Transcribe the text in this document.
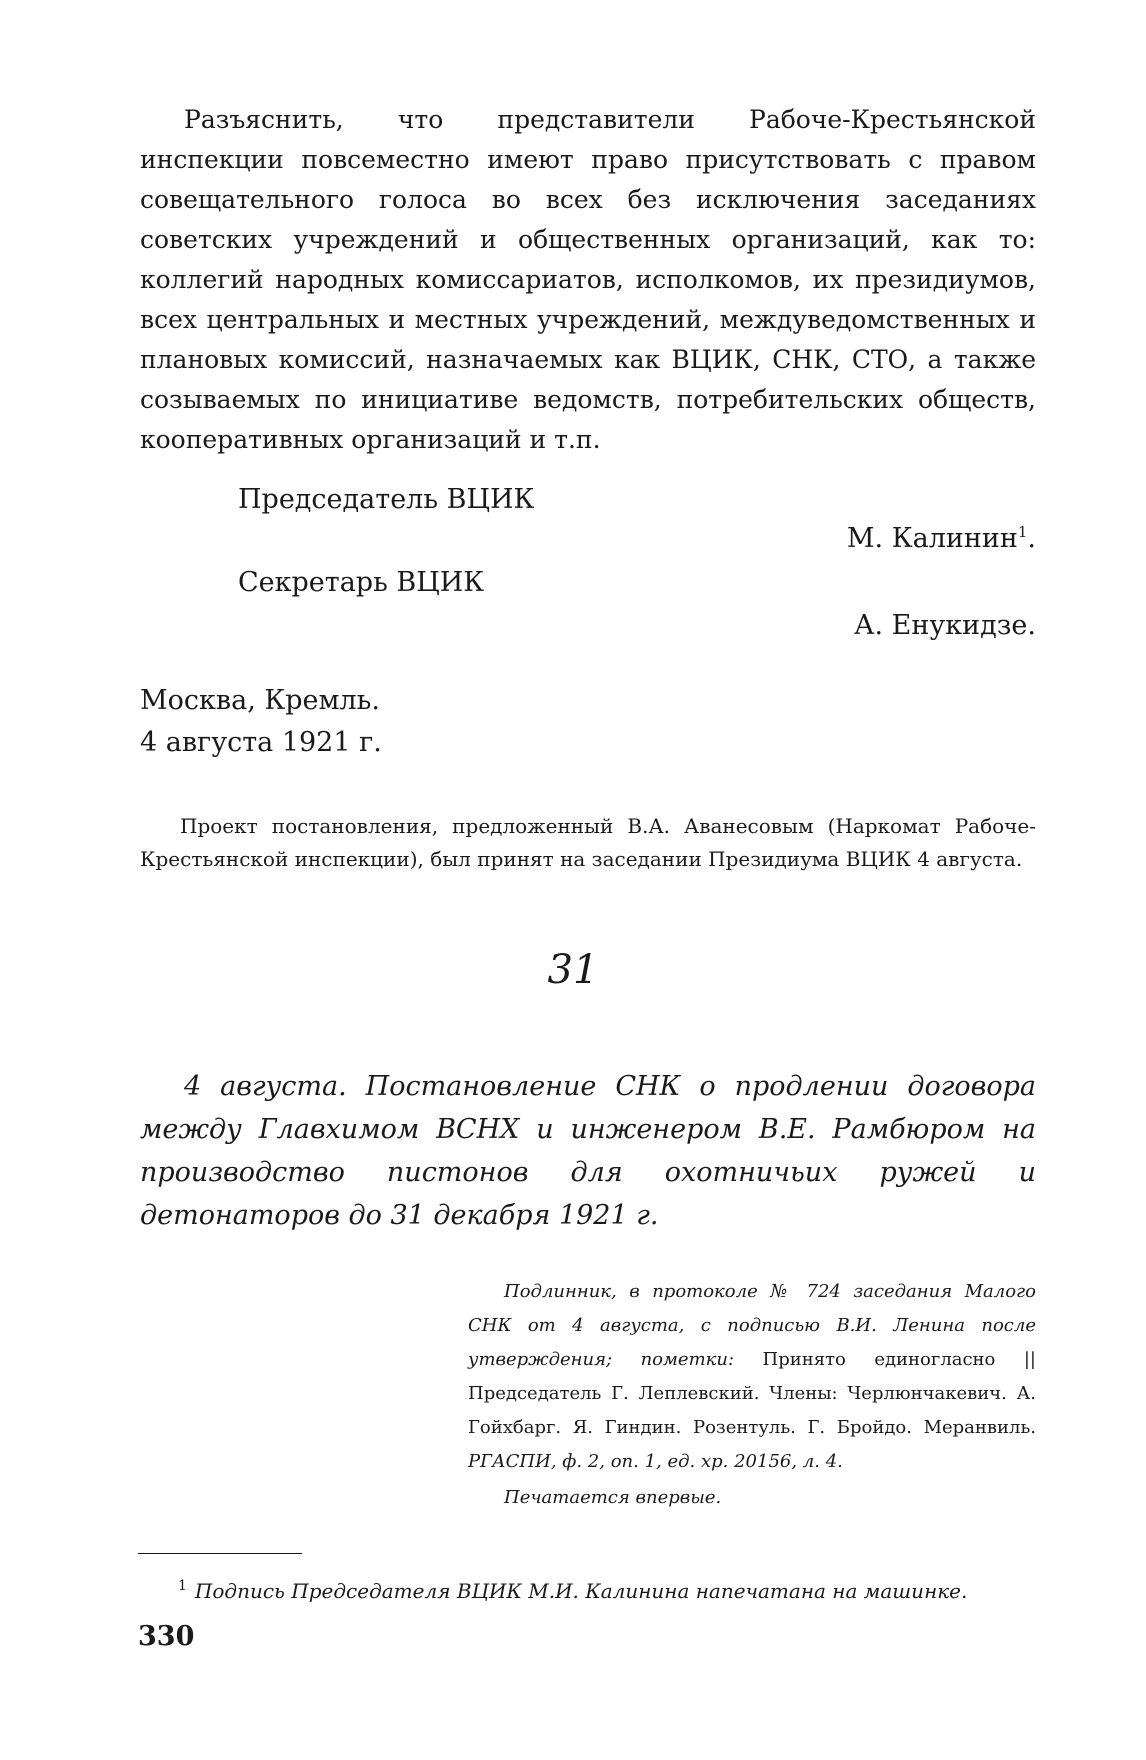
Разъяснить, что представители Рабоче-Крестьянской инспекции повсеместно имеют право присутствовать с правом совещательного голоса во всех без исключения заседаниях советских учреждений и общественных организаций, как то: коллегий народных комиссариатов, исполкомов, их президиумов, всех центральных и местных учреждений, междуведомственных и плановых комиссий, назначаемых как ВЦИК, СНК, СТО, а также созываемых по инициативе ведомств, потребительских обществ, кооперативных организаций и т.п.

Председатель ВЦИК
М. Калинин$^1$.
Секретарь ВЦИК
А. Енукидзе.
Москва, Кремль.
4 августа 1921 г.

Проект постановления, предложенный В.А. Аванесовым (Наркомат Рабоче-Крестьянской инспекции), был принят на заседании Президиума ВЦИК 4 августа.

31

4 августа. Постановление СНК о продлении договора между Главхимом ВСНХ и инженером В.Е. Рамбюром на производство пистонов для охотничьих ружей и детонаторов до 31 декабря 1921 г.

Подлинник, в протоколе № 724 заседания Малого СНК от 4 августа, с подписью В.И. Ленина после утверждения; пометки: Принято единогласно || Председатель Г. Леплевский. Члены: Черлюнчакевич. А. Гойхбарг. Я. Гиндин. Розентуль. Г. Бройдо. Меранвиль. РГАСПИ, ф. 2, оп. 1, ед. хр. 20156, л. 4.

Печатается впервые.

$^1$ Подпись Председателя ВЦИК М.И. Калинина напечатана на машинке.

330
